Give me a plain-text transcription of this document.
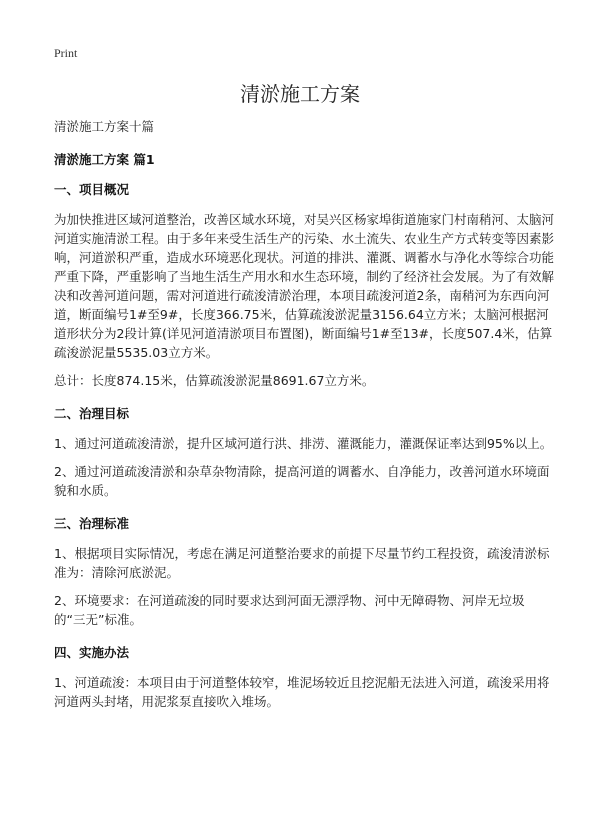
Print
清淤施工方案

清淤施工方案十篇

清淤施工方案 篇1

一、项目概况

为加快推进区域河道整治，改善区域水环境，对吴兴区杨家埠街道施家门村南稍河、太脑河河道实施清淤工程。由于多年来受生活生产的污染、水土流失、农业生产方式转变等因素影响，河道淤积严重，造成水环境恶化现状。河道的排洪、灌溉、调蓄水与净化水等综合功能严重下降，严重影响了当地生活生产用水和水生态环境，制约了经济社会发展。为了有效解决和改善河道问题，需对河道进行疏浚清淤治理，本项目疏浚河道2条，南稍河为东西向河道，断面编号1#至9#，长度366.75米，估算疏浚淤泥量3156.64立方米；太脑河根据河道形状分为2段计算(详见河道清淤项目布置图)，断面编号1#至13#，长度507.4米，估算疏浚淤泥量5535.03立方米。

总计：长度874.15米，估算疏浚淤泥量8691.67立方米。

二、治理目标

1、通过河道疏浚清淤，提升区域河道行洪、排涝、灌溉能力，灌溉保证率达到95%以上。

2、通过河道疏浚清淤和杂草杂物清除，提高河道的调蓄水、自净能力，改善河道水环境面貌和水质。

三、治理标准

1、根据项目实际情况，考虑在满足河道整治要求的前提下尽量节约工程投资，疏浚清淤标准为：清除河底淤泥。

2、环境要求：在河道疏浚的同时要求达到河面无漂浮物、河中无障碍物、河岸无垃圾的“三无”标准。

四、实施办法

1、河道疏浚：本项目由于河道整体较窄，堆泥场较近且挖泥船无法进入河道，疏浚采用将河道两头封堵，用泥浆泵直接吹入堆场。
